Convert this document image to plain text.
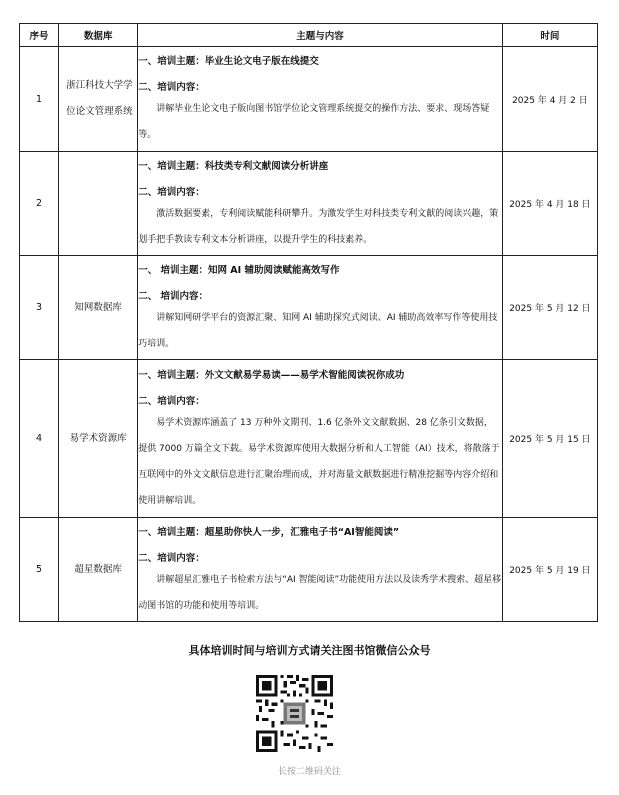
序号	数据库	主题与内容	时间
1	浙江科技大学学位论文管理系统	一、培训主题：毕业生论文电子版在线提交
二、培训内容：
讲解毕业生论文电子版向图书馆学位论文管理系统提交的操作方法、要求、现场答疑等。	2025 年 4 月 2 日
2		一、培训主题：科技类专利文献阅读分析讲座
二、培训内容：
激活数据要素，专利阅读赋能科研攀升。为激发学生对科技类专利文献的阅读兴趣，策划手把手教读专利文本分析讲座，以提升学生的科技素养。	2025 年 4 月 18 日
3	知网数据库	一、 培训主题：知网 AI 辅助阅读赋能高效写作
二、 培训内容：
讲解知网研学平台的资源汇聚、知网 AI 辅助探究式阅读、AI 辅助高效率写作等使用技巧培训。	2025 年 5 月 12 日
4	易学术资源库	一、培训主题：外文文献易学易读——易学术智能阅读祝你成功
二、培训内容：
易学术资源库涵盖了 13 万种外文期刊、1.6 亿条外文文献数据、28 亿条引文数据，提供 7000 万篇全文下载。易学术资源库使用大数据分析和人工智能（AI）技术，将散落于互联网中的外文文献信息进行汇聚治理而成，并对海量文献数据进行精准挖掘等内容介绍和使用讲解培训。	2025 年 5 月 15 日
5	超星数据库	一、培训主题：超星助你快人一步，汇雅电子书“AI智能阅读”
二、培训内容：
讲解超星汇雅电子书检索方法与“AI 智能阅读”功能使用方法以及读秀学术搜索、超星移动图书馆的功能和使用等培训。	2025 年 5 月 19 日
具体培训时间与培训方式请关注图书馆微信公众号
长按二维码关注
